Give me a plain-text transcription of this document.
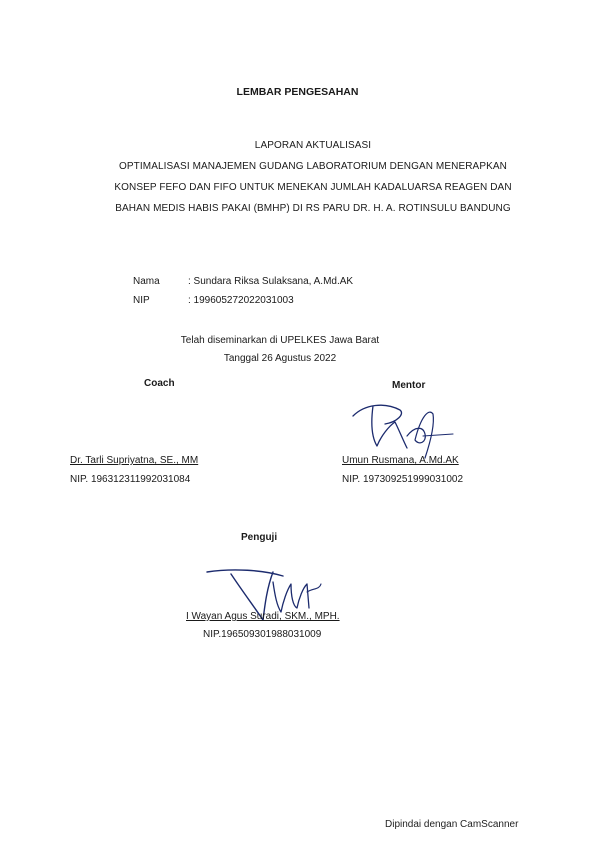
LEMBAR PENGESAHAN
LAPORAN AKTUALISASI
OPTIMALISASI MANAJEMEN GUDANG LABORATORIUM DENGAN MENERAPKAN
KONSEP FEFO DAN FIFO UNTUK MENEKAN JUMLAH KADALUARSA REAGEN DAN
BAHAN MEDIS HABIS PAKAI (BMHP) DI RS PARU DR. H. A. ROTINSULU BANDUNG
Nama	: Sundara Riksa Sulaksana, A.Md.AK
NIP	: 199605272022031003
Telah diseminarkan di UPELKES Jawa Barat
Tanggal 26 Agustus 2022
Coach	Mentor
Dr. Tarli Supriyatna, SE., MM	Umun Rusmana, A.Md.AK
NIP. 196312311992031084	NIP. 197309251999031002
Penguji
I Wayan Agus Suradi, SKM., MPH.
NIP.196509301988031009
Dipindai dengan CamScanner
